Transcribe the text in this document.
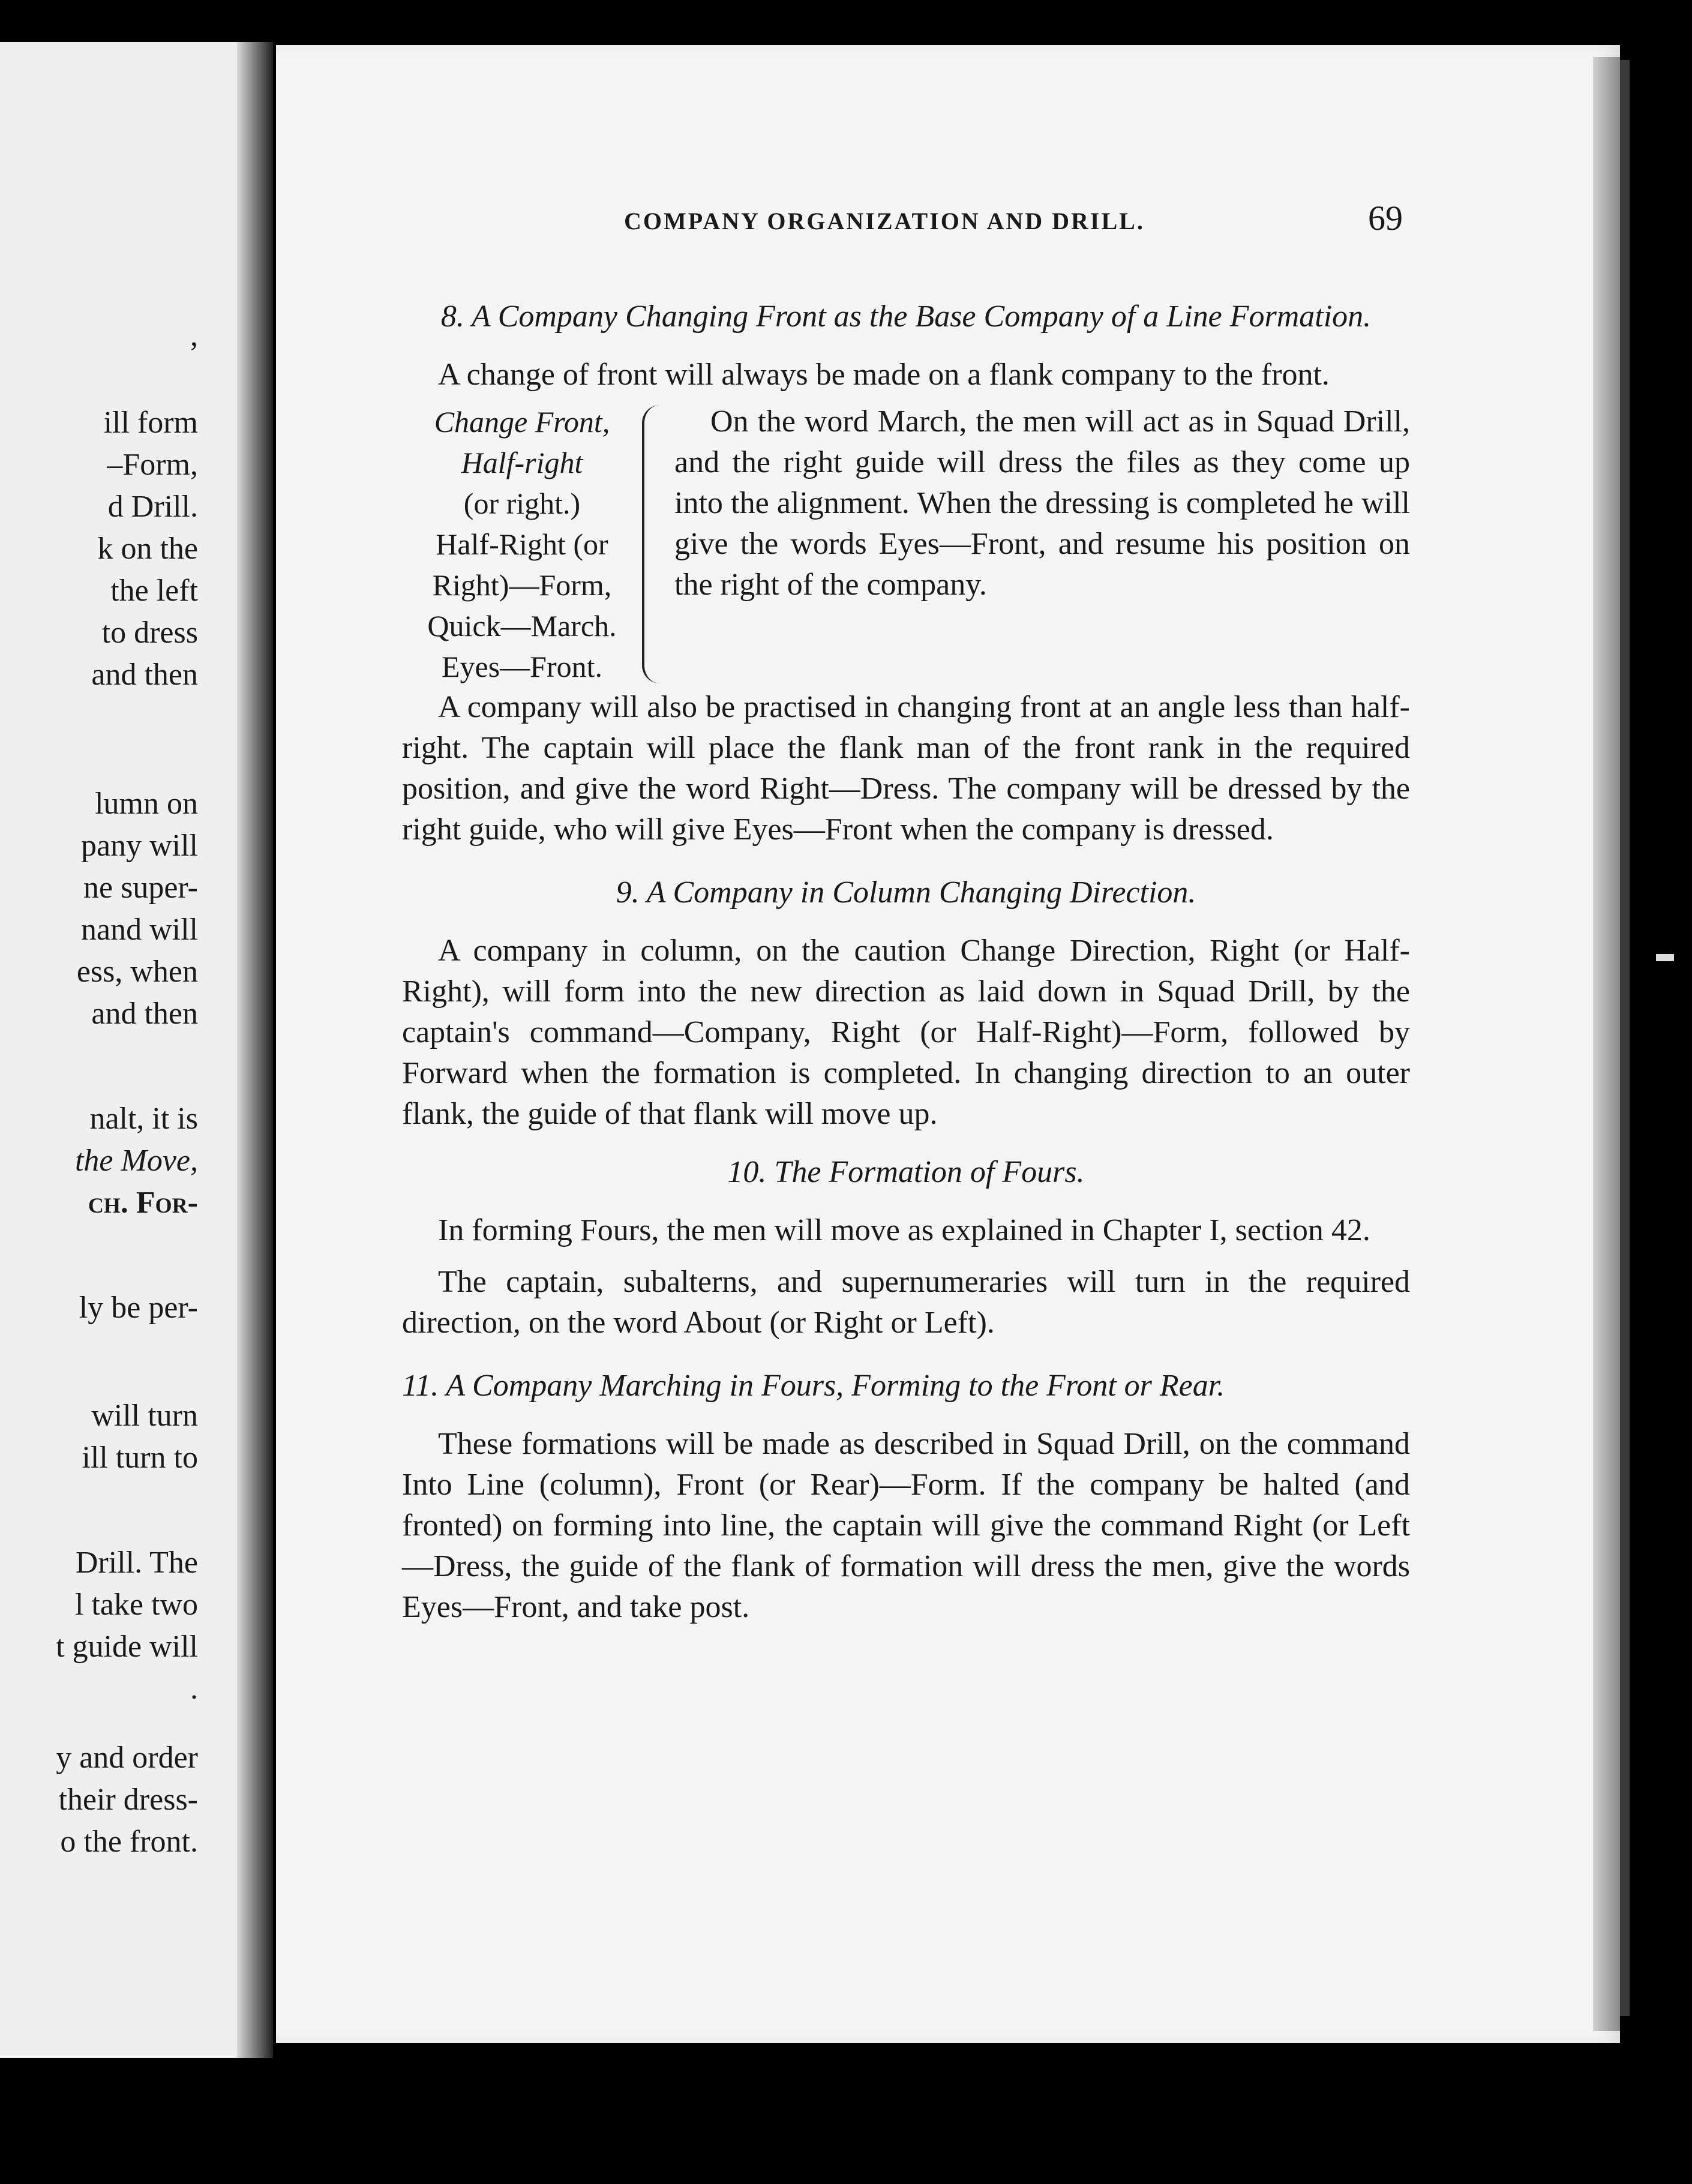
,
ill form
–Form,
d Drill.
k on the
the left
to dress
and then
lumn on
pany will
ne super-
nand will
ess, when
and then
nalt, it is
the Move,
ch. For-
ly be per-
will turn
ill turn to
Drill. The
l take two
t guide will
.
y and order
their dress-
o the front.
COMPANY ORGANIZATION AND DRILL.	69
8. A Company Changing Front as the Base Company of a Line Formation.

A change of front will always be made on a flank company to the front.

Change Front,
Half-right
(or right.)
Half-Right (or
Right)—Form,
Quick—March.
Eyes—Front.

On the word March, the men will act as in Squad Drill, and the right guide will dress the files as they come up into the alignment. When the dressing is completed he will give the words Eyes—Front, and resume his position on the right of the company.

A company will also be practised in changing front at an angle less than half-right. The captain will place the flank man of the front rank in the required position, and give the word Right—Dress. The company will be dressed by the right guide, who will give Eyes—Front when the company is dressed.

9. A Company in Column Changing Direction.

A company in column, on the caution Change Direction, Right (or Half-Right), will form into the new direction as laid down in Squad Drill, by the captain's command—Company, Right (or Half-Right)—Form, followed by Forward when the formation is completed. In changing direction to an outer flank, the guide of that flank will move up.

10. The Formation of Fours.

In forming Fours, the men will move as explained in Chapter I, section 42.

The captain, subalterns, and supernumeraries will turn in the required direction, on the word About (or Right or Left).

11. A Company Marching in Fours, Forming to the Front or Rear.

These formations will be made as described in Squad Drill, on the command Into Line (column), Front (or Rear)—Form. If the company be halted (and fronted) on forming into line, the captain will give the command Right (or Left—Dress, the guide of the flank of formation will dress the men, give the words Eyes—Front, and take post.
